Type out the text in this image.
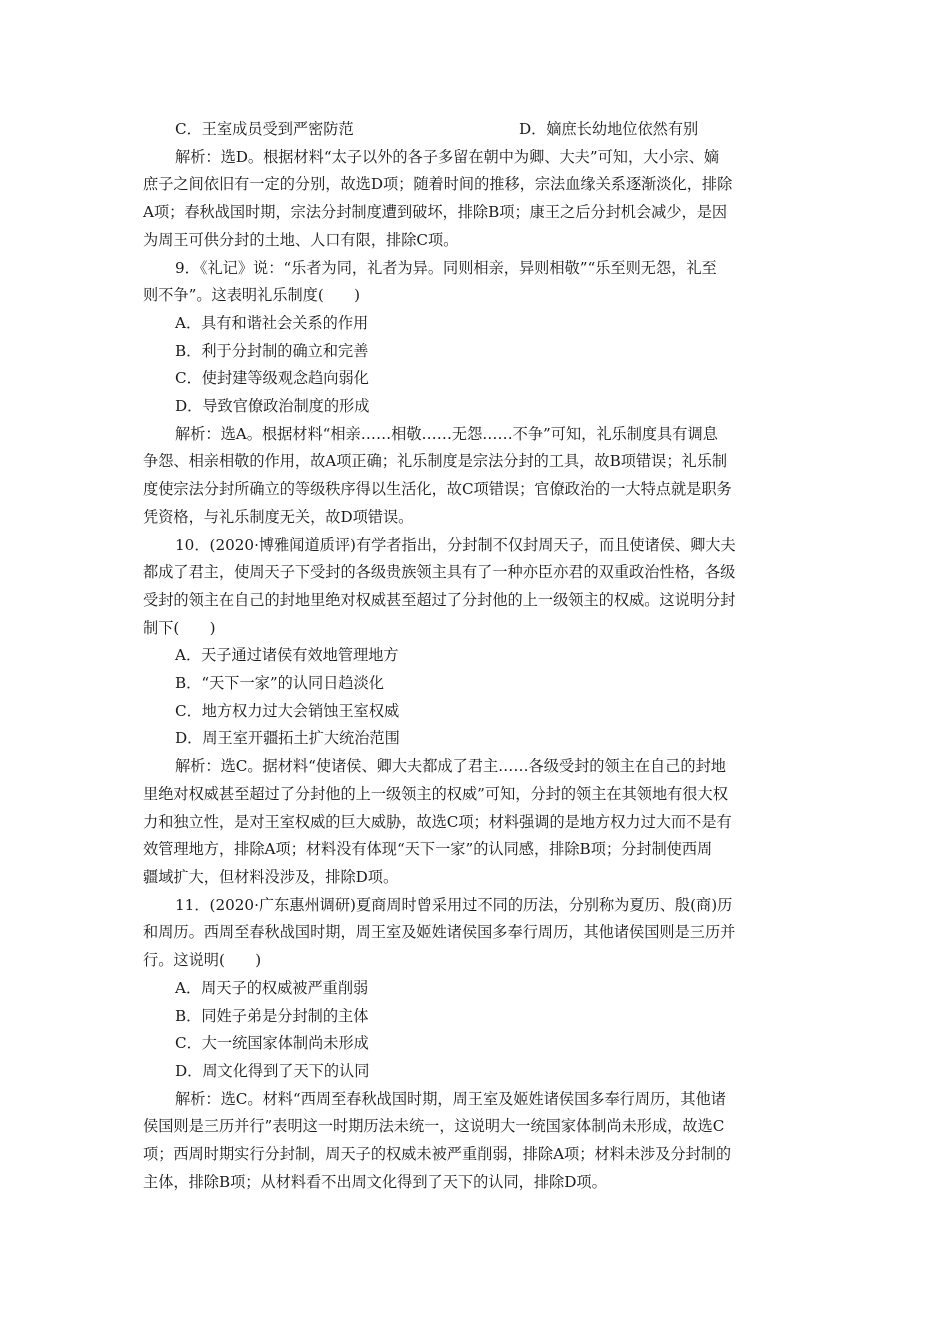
C．王室成员受到严密防范	D．嫡庶长幼地位依然有别
解析：选D。根据材料“太子以外的各子多留在朝中为卿、大夫”可知，大小宗、嫡
庶子之间依旧有一定的分别，故选D项；随着时间的推移，宗法血缘关系逐渐淡化，排除
A项；春秋战国时期，宗法分封制度遭到破坏，排除B项；康王之后分封机会减少，是因
为周王可供分封的土地、人口有限，排除C项。
9．《礼记》说：“乐者为同，礼者为异。同则相亲，异则相敬”“乐至则无怨，礼至
则不争”。这表明礼乐制度(　　)
A．具有和谐社会关系的作用
B．利于分封制的确立和完善
C．使封建等级观念趋向弱化
D．导致官僚政治制度的形成
解析：选A。根据材料“相亲……相敬……无怨……不争”可知，礼乐制度具有调息
争怨、相亲相敬的作用，故A项正确；礼乐制度是宗法分封的工具，故B项错误；礼乐制
度使宗法分封所确立的等级秩序得以生活化，故C项错误；官僚政治的一大特点就是职务
凭资格，与礼乐制度无关，故D项错误。
10．(2020·博雅闻道质评)有学者指出，分封制不仅封周天子，而且使诸侯、卿大夫
都成了君主，使周天子下受封的各级贵族领主具有了一种亦臣亦君的双重政治性格，各级
受封的领主在自己的封地里绝对权威甚至超过了分封他的上一级领主的权威。这说明分封
制下(　　)
A．天子通过诸侯有效地管理地方
B．“天下一家”的认同日趋淡化
C．地方权力过大会销蚀王室权威
D．周王室开疆拓土扩大统治范围
解析：选C。据材料“使诸侯、卿大夫都成了君主……各级受封的领主在自己的封地
里绝对权威甚至超过了分封他的上一级领主的权威”可知，分封的领主在其领地有很大权
力和独立性，是对王室权威的巨大威胁，故选C项；材料强调的是地方权力过大而不是有
效管理地方，排除A项；材料没有体现“天下一家”的认同感，排除B项；分封制使西周
疆域扩大，但材料没涉及，排除D项。
11．(2020·广东惠州调研)夏商周时曾采用过不同的历法，分别称为夏历、殷(商)历
和周历。西周至春秋战国时期，周王室及姬姓诸侯国多奉行周历，其他诸侯国则是三历并
行。这说明(　　)
A．周天子的权威被严重削弱
B．同姓子弟是分封制的主体
C．大一统国家体制尚未形成
D．周文化得到了天下的认同
解析：选C。材料“西周至春秋战国时期，周王室及姬姓诸侯国多奉行周历，其他诸
侯国则是三历并行”表明这一时期历法未统一，这说明大一统国家体制尚未形成，故选C
项；西周时期实行分封制，周天子的权威未被严重削弱，排除A项；材料未涉及分封制的
主体，排除B项；从材料看不出周文化得到了天下的认同，排除D项。
